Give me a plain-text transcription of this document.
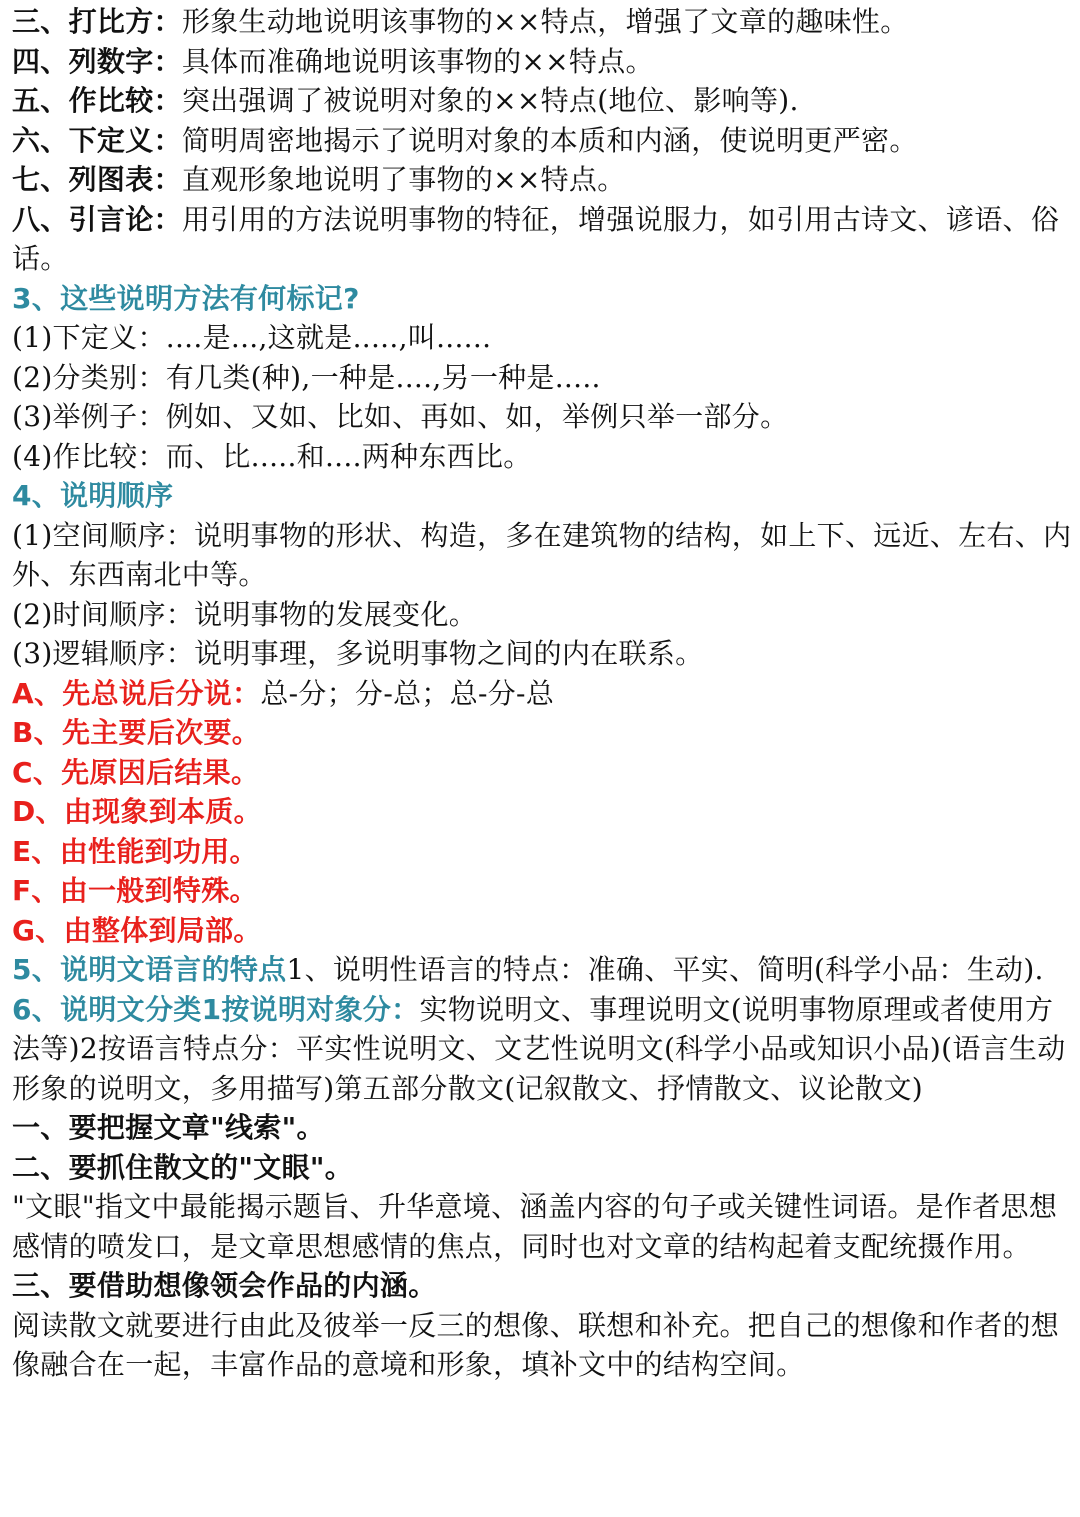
三、打比方：形象生动地说明该事物的××特点，增强了文章的趣味性。

四、列数字：具体而准确地说明该事物的××特点。

五、作比较：突出强调了被说明对象的××特点(地位、影响等).

六、下定义：简明周密地揭示了说明对象的本质和内涵，使说明更严密。

七、列图表：直观形象地说明了事物的××特点。

八、引言论：用引用的方法说明事物的特征，增强说服力，如引用古诗文、谚语、俗话。

3、这些说明方法有何标记?

(1)下定义：....是...,这就是.....,叫......

(2)分类别：有几类(种),一种是....,另一种是.....

(3)举例子：例如、又如、比如、再如、如，举例只举一部分。

(4)作比较：而、比.....和....两种东西比。

4、说明顺序

(1)空间顺序：说明事物的形状、构造，多在建筑物的结构，如上下、远近、左右、内外、东西南北中等。

(2)时间顺序：说明事物的发展变化。

(3)逻辑顺序：说明事理，多说明事物之间的内在联系。

A、先总说后分说：总-分；分-总；总-分-总

B、先主要后次要。

C、先原因后结果。

D、由现象到本质。

E、由性能到功用。

F、由一般到特殊。

G、由整体到局部。

5、说明文语言的特点1、说明性语言的特点：准确、平实、简明(科学小品：生动).

6、说明文分类1按说明对象分：实物说明文、事理说明文(说明事物原理或者使用方法等)2按语言特点分：平实性说明文、文艺性说明文(科学小品或知识小品)(语言生动形象的说明文，多用描写)第五部分散文(记叙散文、抒情散文、议论散文)

一、要把握文章"线索"。

二、要抓住散文的"文眼"。

"文眼"指文中最能揭示题旨、升华意境、涵盖内容的句子或关键性词语。是作者思想感情的喷发口，是文章思想感情的焦点，同时也对文章的结构起着支配统摄作用。

三、要借助想像领会作品的内涵。

阅读散文就要进行由此及彼举一反三的想像、联想和补充。把自己的想像和作者的想像融合在一起，丰富作品的意境和形象，填补文中的结构空间。
